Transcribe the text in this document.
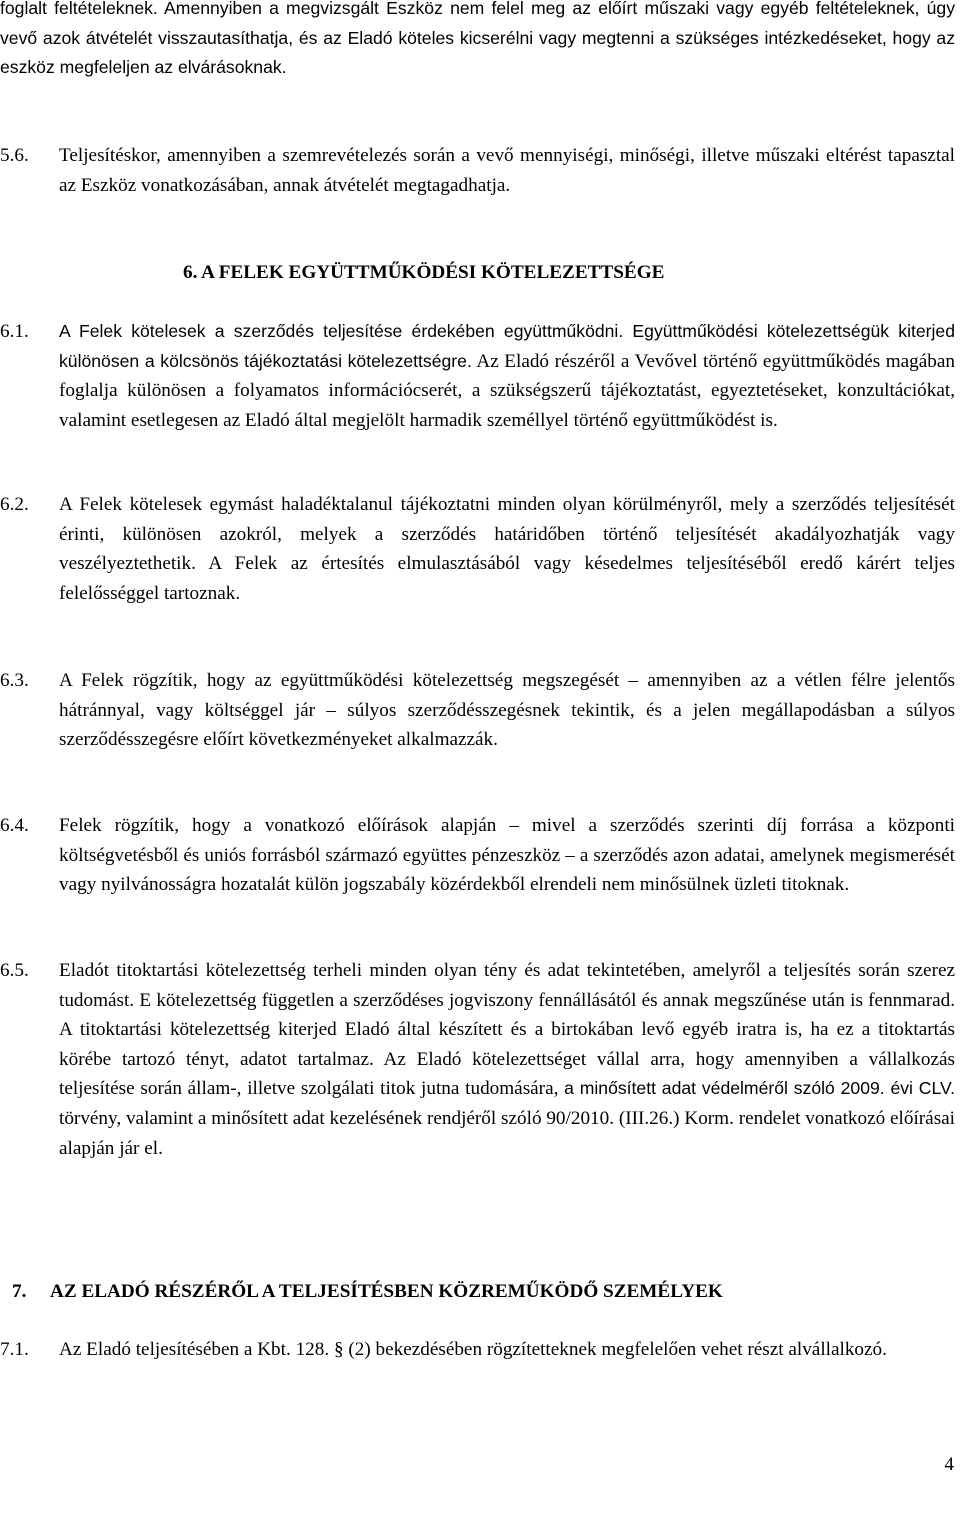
foglalt feltételeknek. Amennyiben a megvizsgált Eszköz nem felel meg az előírt műszaki vagy egyéb feltételeknek, úgy vevő azok átvételét visszautasíthatja, és az Eladó köteles kicserélni vagy megtenni a szükséges intézkedéseket, hogy az eszköz megfeleljen az elvárásoknak.

5.6. Teljesítéskor, amennyiben a szemrevételezés során a vevő mennyiségi, minőségi, illetve műszaki eltérést tapasztal az Eszköz vonatkozásában, annak átvételét megtagadhatja.

6. A FELEK EGYÜTTMŰKÖDÉSI KÖTELEZETTSÉGE

6.1. A Felek kötelesek a szerződés teljesítése érdekében együttműködni. Együttműködési kötelezettségük kiterjed különösen a kölcsönös tájékoztatási kötelezettségre. Az Eladó részéről a Vevővel történő együttműködés magában foglalja különösen a folyamatos információcserét, a szükségszerű tájékoztatást, egyeztetéseket, konzultációkat, valamint esetlegesen az Eladó által megjelölt harmadik személlyel történő együttműködést is.

6.2. A Felek kötelesek egymást haladéktalanul tájékoztatni minden olyan körülményről, mely a szerződés teljesítését érinti, különösen azokról, melyek a szerződés határidőben történő teljesítését akadályozhatják vagy veszélyeztethetik. A Felek az értesítés elmulasztásából vagy késedelmes teljesítéséből eredő kárért teljes felelősséggel tartoznak.

6.3. A Felek rögzítik, hogy az együttműködési kötelezettség megszegését – amennyiben az a vétlen félre jelentős hátránnyal, vagy költséggel jár – súlyos szerződésszegésnek tekintik, és a jelen megállapodásban a súlyos szerződésszegésre előírt következményeket alkalmazzák.

6.4. Felek rögzítik, hogy a vonatkozó előírások alapján – mivel a szerződés szerinti díj forrása a központi költségvetésből és uniós forrásból származó együttes pénzeszköz – a szerződés azon adatai, amelynek megismerését vagy nyilvánosságra hozatalát külön jogszabály közérdekből elrendeli nem minősülnek üzleti titoknak.

6.5. Eladót titoktartási kötelezettség terheli minden olyan tény és adat tekintetében, amelyről a teljesítés során szerez tudomást. E kötelezettség független a szerződéses jogviszony fennállásától és annak megszűnése után is fennmarad. A titoktartási kötelezettség kiterjed Eladó által készített és a birtokában levő egyéb iratra is, ha ez a titoktartás körébe tartozó tényt, adatot tartalmaz. Az Eladó kötelezettséget vállal arra, hogy amennyiben a vállalkozás teljesítése során állam-, illetve szolgálati titok jutna tudomására, a minősített adat védelméről szóló 2009. évi CLV. törvény, valamint a minősített adat kezelésének rendjéről szóló 90/2010. (III.26.) Korm. rendelet vonatkozó előírásai alapján jár el.

7. AZ ELADÓ RÉSZÉRŐL A TELJESÍTÉSBEN KÖZREMŰKÖDŐ SZEMÉLYEK

7.1. Az Eladó teljesítésében a Kbt. 128. § (2) bekezdésében rögzítetteknek megfelelően vehet részt alvállalkozó.

4
